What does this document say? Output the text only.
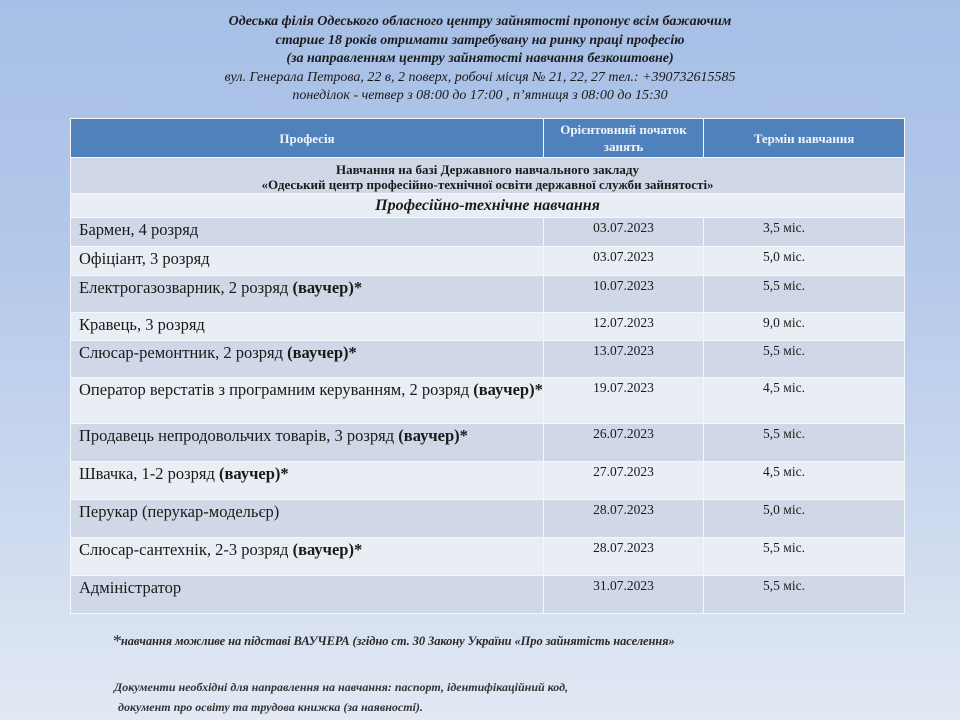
Одеська філія Одеського обласного центру зайнятості пропонує всім бажаючим
старше 18 років отримати затребувану на ринку праці професію
(за направленням центру зайнятості навчання безкоштовне)
вул. Генерала Петрова, 22 в, 2 поверх, робочі місця № 21, 22, 27 тел.: +390732615585
понеділок - четвер з 08:00 до 17:00 , п’ятниця з 08:00 до 15:30
Професія	Орієнтовний початок занять	Термін навчання

Навчання на базі Державного навчального закладу
«Одеський центр професійно-технічної освіти державної служби зайнятості»		

Професійно-технічне навчання		
Бармен, 4 розряд	03.07.2023	3,5 міс.
Офіціант, 3 розряд	03.07.2023	5,0 міс.
Електрогазозварник, 2 розряд (ваучер)*	10.07.2023	5,5 міс.
Кравець, 3 розряд	12.07.2023	9,0 міс.
Слюсар-ремонтник, 2 розряд (ваучер)*	13.07.2023	5,5 міс.
Оператор верстатів з програмним керуванням, 2 розряд (ваучер)*	19.07.2023	4,5 міс.
Продавець непродовольчих товарів, 3 розряд (ваучер)*	26.07.2023	5,5 міс.
Швачка, 1-2 розряд (ваучер)*	27.07.2023	4,5 міс.
Перукар (перукар-модельєр)	28.07.2023	5,0 міс.
Слюсар-сантехнік, 2-3 розряд (ваучер)*	28.07.2023	5,5 міс.
Адміністратор	31.07.2023	5,5 міс.
*навчання можливе на підставі ВАУЧЕРА (згідно ст. 30 Закону України «Про зайнятість населення»
Документи необхідні для направлення на навчання: паспорт, ідентифікаційний код,
документ про освіту та трудова книжка (за наявності).
